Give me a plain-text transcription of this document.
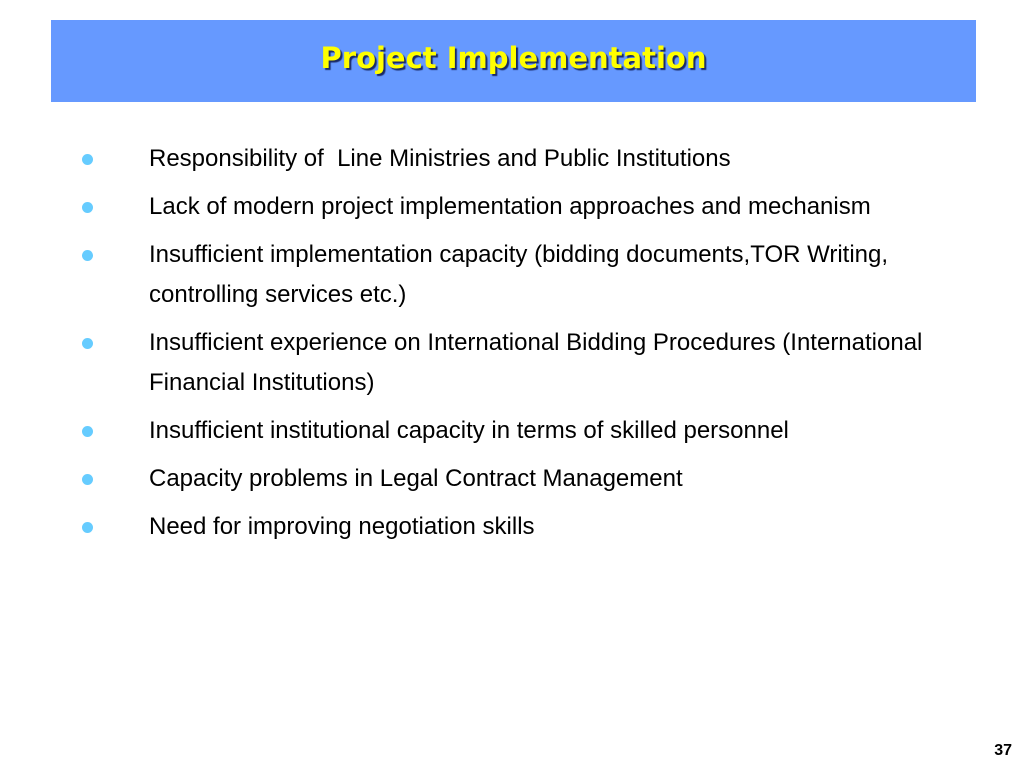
Project Implementation
Responsibility of  Line Ministries and Public Institutions
Lack of modern project implementation approaches and mechanism
Insufficient implementation capacity (bidding documents,TOR Writing, controlling services etc.)
Insufficient experience on International Bidding Procedures (International Financial Institutions)
Insufficient institutional capacity in terms of skilled personnel
Capacity problems in Legal Contract Management
Need for improving negotiation skills
37
